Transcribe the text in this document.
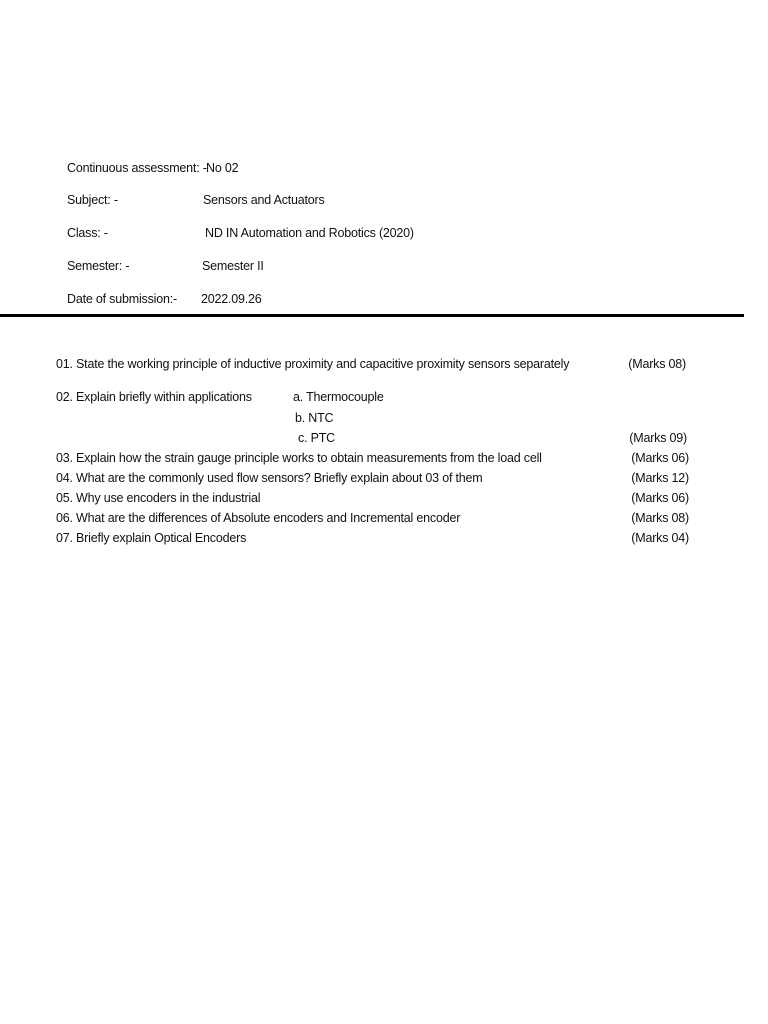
Continuous assessment: - No 02
Subject: -	Sensors and Actuators
Class: -	ND IN Automation and Robotics (2020)
Semester: -	Semester II
Date of submission:- 2022.09.26
01. State the working principle of inductive proximity and capacitive proximity sensors separately	(Marks 08)
02. Explain briefly within applications	a. Thermocouple
b. NTC
c. PTC	(Marks 09)
03. Explain how the strain gauge principle works to obtain measurements from the load cell	(Marks 06)
04. What are the commonly used flow sensors? Briefly explain about 03 of them	(Marks 12)
05. Why use encoders in the industrial	(Marks 06)
06. What are the differences of Absolute encoders and Incremental encoder	(Marks 08)
07. Briefly explain Optical Encoders	(Marks 04)
